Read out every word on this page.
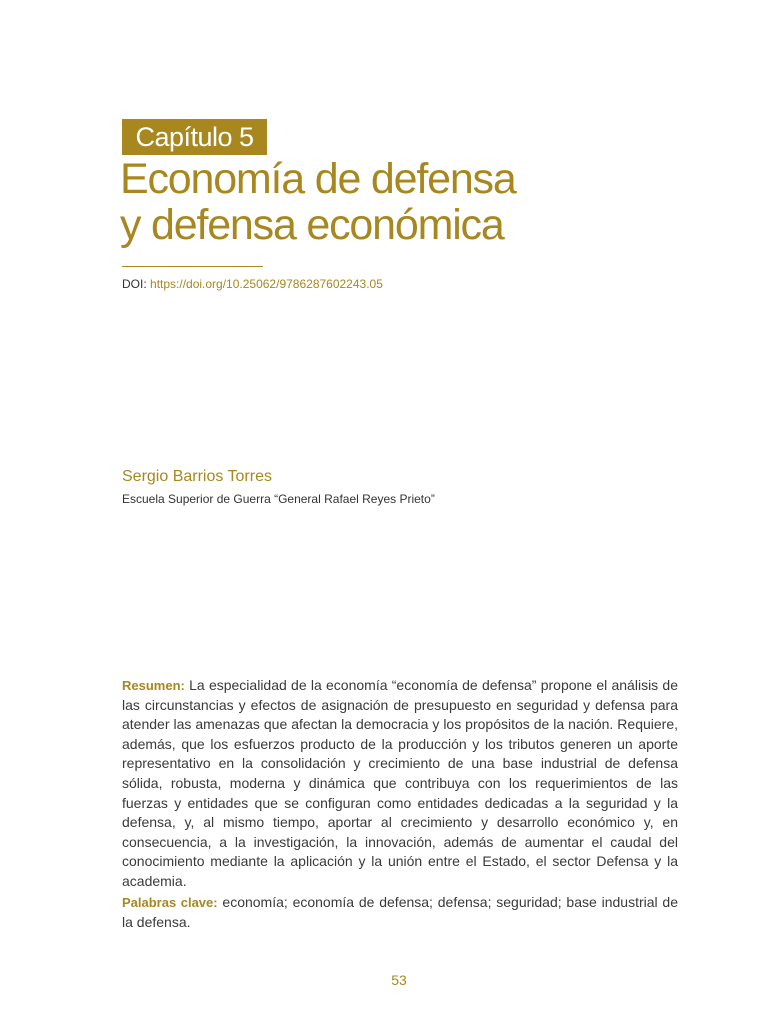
Capítulo 5
Economía de defensa
y defensa económica
DOI: https://doi.org/10.25062/9786287602243.05
Sergio Barrios Torres
Escuela Superior de Guerra “General Rafael Reyes Prieto”

Resumen: La especialidad de la economía “economía de defensa” propone el análisis de las circunstancias y efectos de asignación de presupuesto en seguridad y defensa para atender las amenazas que afectan la democracia y los propósitos de la nación. Requiere, además, que los esfuerzos producto de la producción y los tributos generen un aporte representativo en la consolidación y crecimiento de una base industrial de defensa sólida, robusta, moderna y dinámica que contribuya con los requerimientos de las fuerzas y entidades que se configuran como entidades dedicadas a la seguridad y la defensa, y, al mismo tiempo, aportar al crecimiento y desarrollo económico y, en consecuencia, a la investigación, la innovación, además de aumentar el caudal del conocimiento mediante la aplicación y la unión entre el Estado, el sector Defensa y la academia.

Palabras clave: economía; economía de defensa; defensa; seguridad; base industrial de la defensa.

53
